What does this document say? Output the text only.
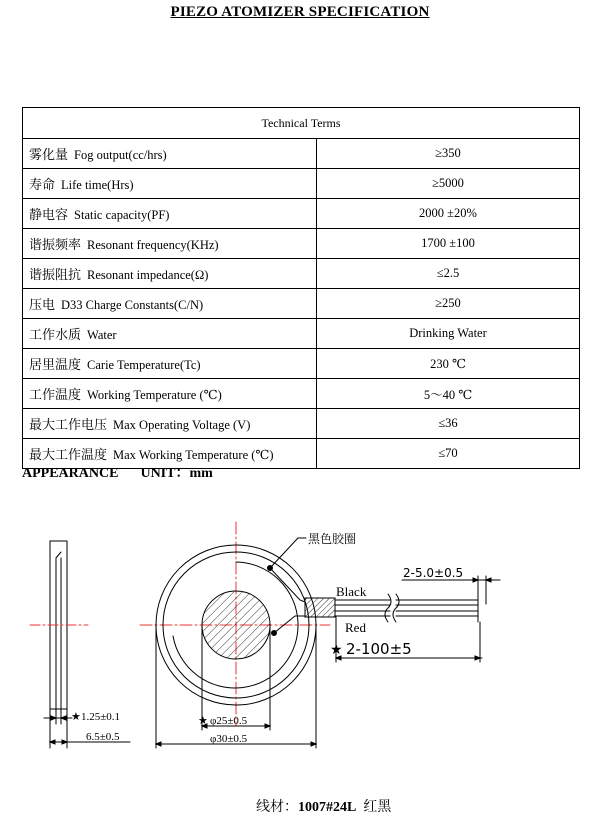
PIEZO ATOMIZER SPECIFICATION
Technical Terms	
雾化量 Fog output(cc/hrs)	≥350
寿命 Life time(Hrs)	≥5000
静电容 Static capacity(PF)	2000 ±20%
谐振频率 Resonant frequency(KHz)	1700 ±100
谐振阻抗 Resonant impedance(Ω)	≤2.5
压电 D33 Charge Constants(C/N)	≥250
工作水质 Water	Drinking Water
居里温度 Carie Temperature(Tc)	230 ℃
工作温度 Working Temperature (℃)	5～40 ℃
最大工作电压 Max Operating Voltage (V)	≤36
最大工作温度 Max Working Temperature (℃)	≤70
APPEARANCE UNIT：mm
★ 1.25±0.1
6.5±0.5
黑色胶圈
Black
Red
2-5.0±0.5
★ 2-100±5
★ φ25±0.5
φ30±0.5
线材：1007#24L 红黑
